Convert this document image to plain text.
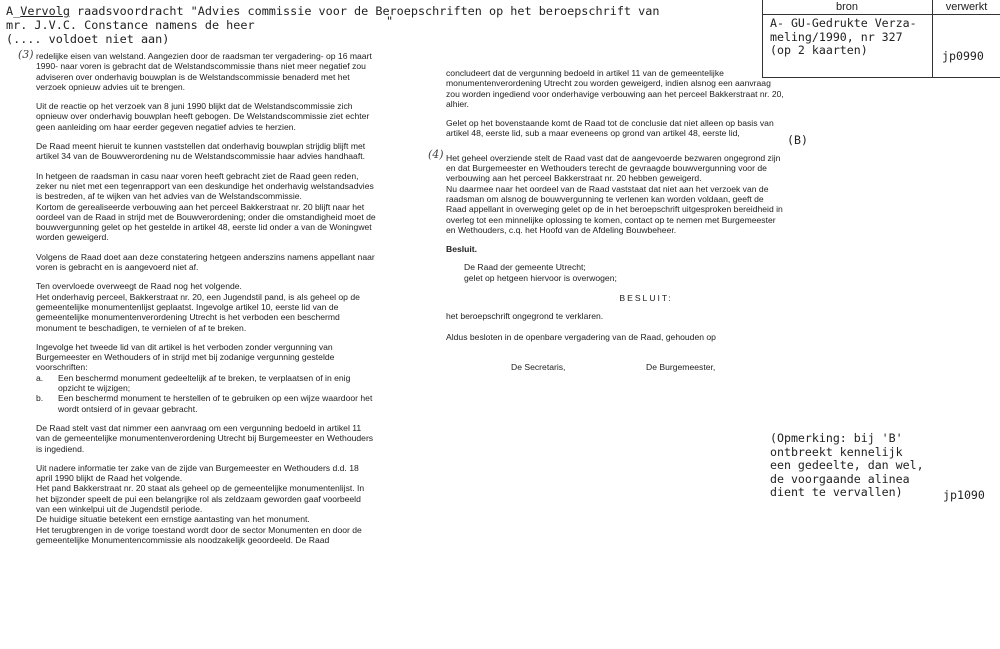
A_Vervolg raadsvoordracht "Advies commissie voor de Beroepschriften op het beroepschrift van
mr. J.V.C. Constance namens de heer	"
(.... voldoet niet aan)
bron	verwerkt
A- GU-Gedrukte Verza-
meling/1990, nr 327
(op 2 kaarten)	jp0990
(3)
(4)
(B)

redelijke eisen van welstand. Aangezien door de raadsman ter vergadering- op 16 maart 1990- naar voren is gebracht dat de Welstandscommissie thans niet meer negatief zou adviseren over onderhavig bouwplan is de Welstandscommissie benaderd met het verzoek opnieuw advies uit te brengen.

Uit de reactie op het verzoek van 8 juni 1990 blijkt dat de Welstandscommissie zich opnieuw over onderhavig bouwplan heeft gebogen. De Welstandscommissie ziet echter geen aanleiding om haar eerder gegeven negatief advies te herzien.

De Raad meent hieruit te kunnen vaststellen dat onderhavig bouwplan strijdig blijft met artikel 34 van de Bouwverordening nu de Welstandscommissie haar advies handhaaft.

In hetgeen de raadsman in casu naar voren heeft gebracht ziet de Raad geen reden, zeker nu niet met een tegenrapport van een deskundige het onderhavig welstandsadvies is bestreden, af te wijken van het advies van de Welstandscommissie.

Kortom de gerealiseerde verbouwing aan het perceel Bakkerstraat nr. 20 blijft naar het oordeel van de Raad in strijd met de Bouwverordening; onder die omstandigheid moet de bouwvergunning gelet op het gestelde in artikel 48, eerste lid onder a van de Woningwet worden geweigerd.

Volgens de Raad doet aan deze constatering hetgeen anderszins namens appellant naar voren is gebracht en is aangevoerd niet af.

Ten overvloede overweegt de Raad nog het volgende.

Het onderhavig perceel, Bakkerstraat nr. 20, een Jugendstil pand, is als geheel op de gemeentelijke monumentenlijst geplaatst. Ingevolge artikel 10, eerste lid van de gemeentelijke monumentenverordening Utrecht is het verboden een beschermd monument te beschadigen, te vernielen of af te breken.

Ingevolge het tweede lid van dit artikel is het verboden zonder vergunning van Burgemeester en Wethouders of in strijd met bij zodanige vergunning gestelde voorschriften:

a. Een beschermd monument gedeeltelijk af te breken, te verplaatsen of in enig opzicht te wijzigen;
b. Een beschermd monument te herstellen of te gebruiken op een wijze waardoor het wordt ontsierd of in gevaar gebracht.

De Raad stelt vast dat nimmer een aanvraag om een vergunning bedoeld in artikel 11 van de gemeentelijke monumentenverordening Utrecht bij Burgemeester en Wethouders is ingediend.

Uit nadere informatie ter zake van de zijde van Burgemeester en Wethouders d.d. 18 april 1990 blijkt de Raad het volgende.

Het pand Bakkerstraat nr. 20 staat als geheel op de gemeentelijke monumentenlijst. In het bijzonder speelt de pui een belangrijke rol als zeldzaam geworden gaaf voorbeeld van een winkelpui uit de Jugendstil periode.

De huidige situatie betekent een ernstige aantasting van het monument.

Het terugbrengen in de vorige toestand wordt door de sector Monumenten en door de gemeentelijke Monumentencommissie als noodzakelijk geoordeeld. De Raad

concludeert dat de vergunning bedoeld in artikel 11 van de gemeentelijke monumentenverordening Utrecht zou worden geweigerd, indien alsnog een aanvraag zou worden ingediend voor onderhavige verbouwing aan het perceel Bakkerstraat nr. 20, alhier.

Gelet op het bovenstaande komt de Raad tot de conclusie dat niet alleen op basis van artikel 48, eerste lid, sub a maar eveneens op grond van artikel 48, eerste lid,

Het geheel overziende stelt de Raad vast dat de aangevoerde bezwaren ongegrond zijn en dat Burgemeester en Wethouders terecht de gevraagde bouwvergunning voor de verbouwing aan het perceel Bakkerstraat nr. 20 hebben geweigerd.

Nu daarmee naar het oordeel van de Raad vaststaat dat niet aan het verzoek van de raadsman om alsnog de bouwvergunning te verlenen kan worden voldaan, geeft de Raad appellant in overweging gelet op de in het beroepschrift uitgesproken bereidheid in overleg tot een minnelijke oplossing te komen, contact op te nemen met Burgemeester en Wethouders, c.q. het Hoofd van de Afdeling Bouwbeheer.

Besluit.

De Raad der gemeente Utrecht;

gelet op hetgeen hiervoor is overwogen;

BESLUIT:

het beroepschrift ongegrond te verklaren.

Aldus besloten in de openbare vergadering van de Raad, gehouden op

De Secretaris,	De Burgemeester,
(Opmerking: bij 'B'
ontbreekt kennelijk
een gedeelte, dan wel,
de voorgaande alinea
dient te vervallen)	jp1090
